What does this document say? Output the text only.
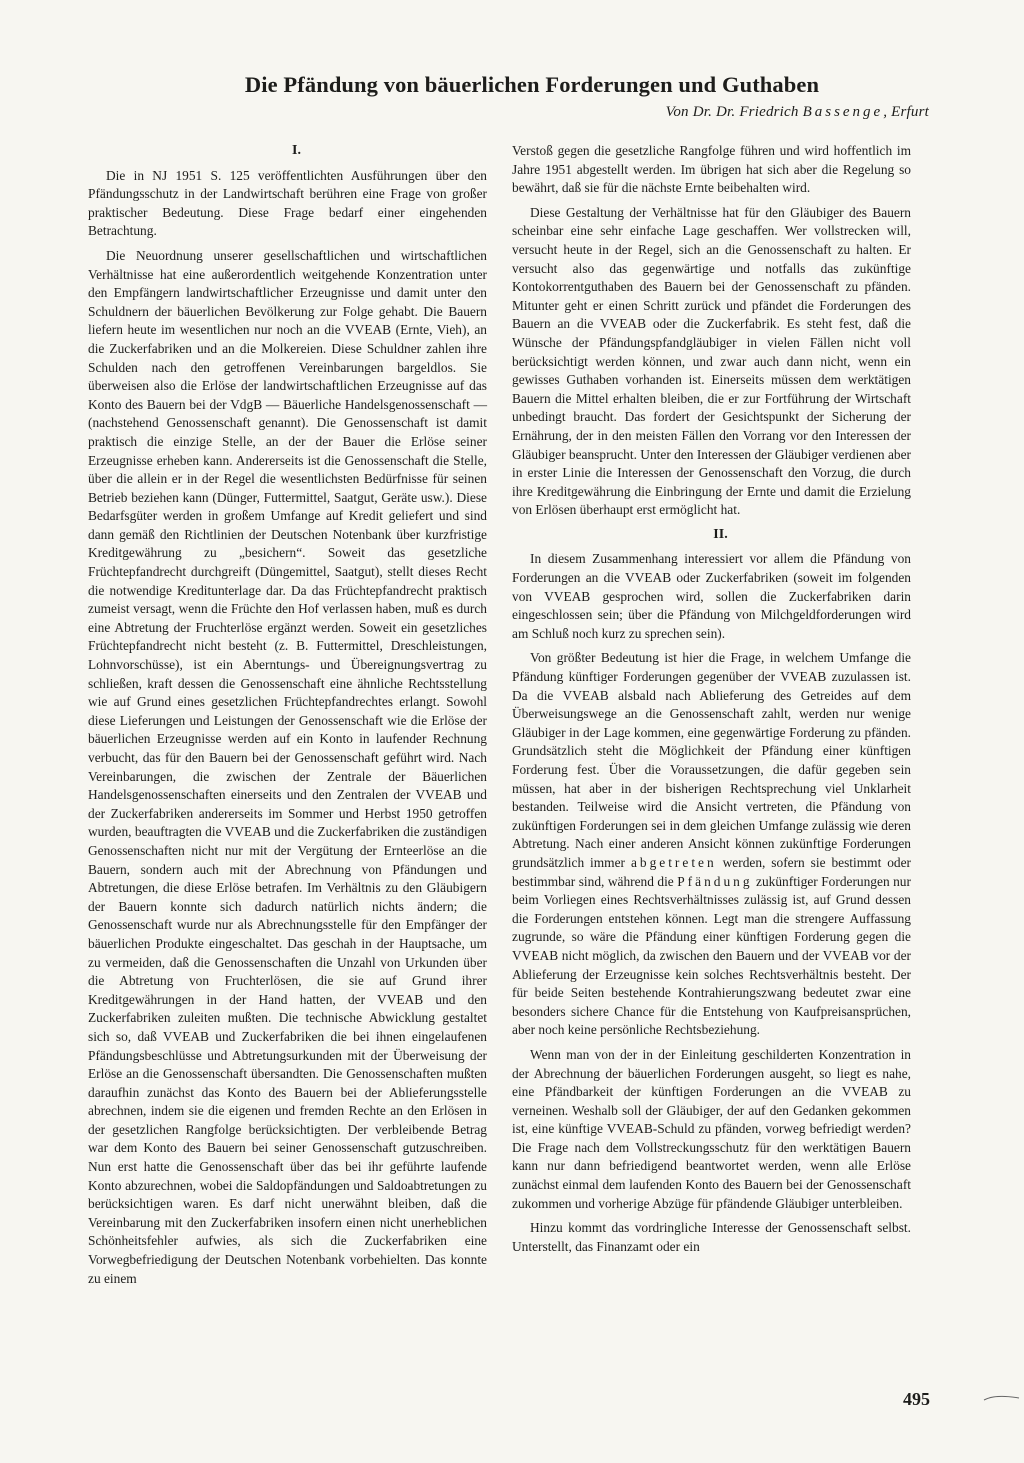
Die Pfändung von bäuerlichen Forderungen und Guthaben
Von Dr. Dr. Friedrich Bassenge, Erfurt

I.

Die in NJ 1951 S. 125 veröffentlichten Ausführungen über den Pfändungsschutz in der Landwirtschaft berühren eine Frage von großer praktischer Bedeutung. Diese Frage bedarf einer eingehenden Betrachtung.

Die Neuordnung unserer gesellschaftlichen und wirtschaftlichen Verhältnisse hat eine außerordentlich weitgehende Konzentration unter den Empfängern landwirtschaftlicher Erzeugnisse und damit unter den Schuldnern der bäuerlichen Bevölkerung zur Folge gehabt. Die Bauern liefern heute im wesentlichen nur noch an die VVEAB (Ernte, Vieh), an die Zuckerfabriken und an die Molkereien. Diese Schuldner zahlen ihre Schulden nach den getroffenen Vereinbarungen bargeldlos. Sie überweisen also die Erlöse der landwirtschaftlichen Erzeugnisse auf das Konto des Bauern bei der VdgB — Bäuerliche Handelsgenossenschaft — (nachstehend Genossenschaft genannt). Die Genossenschaft ist damit praktisch die einzige Stelle, an der der Bauer die Erlöse seiner Erzeugnisse erheben kann. Andererseits ist die Genossenschaft die Stelle, über die allein er in der Regel die wesentlichsten Bedürfnisse für seinen Betrieb beziehen kann (Dünger, Futtermittel, Saatgut, Geräte usw.). Diese Bedarfsgüter werden in großem Umfange auf Kredit geliefert und sind dann gemäß den Richtlinien der Deutschen Notenbank über kurzfristige Kreditgewährung zu „besichern“. Soweit das gesetzliche Früchtepfandrecht durchgreift (Düngemittel, Saatgut), stellt dieses Recht die notwendige Kreditunterlage dar. Da das Früchtepfandrecht praktisch zumeist versagt, wenn die Früchte den Hof verlassen haben, muß es durch eine Abtretung der Fruchterlöse ergänzt werden. Soweit ein gesetzliches Früchtepfandrecht nicht besteht (z. B. Futtermittel, Dreschleistungen, Lohnvorschüsse), ist ein Aberntungs- und Übereignungsvertrag zu schließen, kraft dessen die Genossenschaft eine ähnliche Rechtsstellung wie auf Grund eines gesetzlichen Früchtepfandrechtes erlangt. Sowohl diese Lieferungen und Leistungen der Genossenschaft wie die Erlöse der bäuerlichen Erzeugnisse werden auf ein Konto in laufender Rechnung verbucht, das für den Bauern bei der Genossenschaft geführt wird. Nach Vereinbarungen, die zwischen der Zentrale der Bäuerlichen Handelsgenossenschaften einerseits und den Zentralen der VVEAB und der Zuckerfabriken andererseits im Sommer und Herbst 1950 getroffen wurden, beauftragten die VVEAB und die Zuckerfabriken die zuständigen Genossenschaften nicht nur mit der Vergütung der Ernteerlöse an die Bauern, sondern auch mit der Abrechnung von Pfändungen und Abtretungen, die diese Erlöse betrafen. Im Verhältnis zu den Gläubigern der Bauern konnte sich dadurch natürlich nichts ändern; die Genossenschaft wurde nur als Abrechnungsstelle für den Empfänger der bäuerlichen Produkte eingeschaltet. Das geschah in der Hauptsache, um zu vermeiden, daß die Genossenschaften die Unzahl von Urkunden über die Abtretung von Fruchterlösen, die sie auf Grund ihrer Kreditgewährungen in der Hand hatten, der VVEAB und den Zuckerfabriken zuleiten mußten. Die technische Abwicklung gestaltet sich so, daß VVEAB und Zuckerfabriken die bei ihnen eingelaufenen Pfändungsbeschlüsse und Abtretungsurkunden mit der Überweisung der Erlöse an die Genossenschaft übersandten. Die Genossenschaften mußten daraufhin zunächst das Konto des Bauern bei der Ablieferungsstelle abrechnen, indem sie die eigenen und fremden Rechte an den Erlösen in der gesetzlichen Rangfolge berücksichtigten. Der verbleibende Betrag war dem Konto des Bauern bei seiner Genossenschaft gutzuschreiben. Nun erst hatte die Genossenschaft über das bei ihr geführte laufende Konto abzurechnen, wobei die Saldopfändungen und Saldoabtretungen zu berücksichtigen waren. Es darf nicht unerwähnt bleiben, daß die Vereinbarung mit den Zuckerfabriken insofern einen nicht unerheblichen Schönheitsfehler aufwies, als sich die Zuckerfabriken eine Vorwegbefriedigung der Deutschen Notenbank vorbehielten. Das konnte zu einem

Verstoß gegen die gesetzliche Rangfolge führen und wird hoffentlich im Jahre 1951 abgestellt werden. Im übrigen hat sich aber die Regelung so bewährt, daß sie für die nächste Ernte beibehalten wird.

Diese Gestaltung der Verhältnisse hat für den Gläubiger des Bauern scheinbar eine sehr einfache Lage geschaffen. Wer vollstrecken will, versucht heute in der Regel, sich an die Genossenschaft zu halten. Er versucht also das gegenwärtige und notfalls das zukünftige Kontokorrentguthaben des Bauern bei der Genossenschaft zu pfänden. Mitunter geht er einen Schritt zurück und pfändet die Forderungen des Bauern an die VVEAB oder die Zuckerfabrik. Es steht fest, daß die Wünsche der Pfändungspfandgläubiger in vielen Fällen nicht voll berücksichtigt werden können, und zwar auch dann nicht, wenn ein gewisses Guthaben vorhanden ist. Einerseits müssen dem werktätigen Bauern die Mittel erhalten bleiben, die er zur Fortführung der Wirtschaft unbedingt braucht. Das fordert der Gesichtspunkt der Sicherung der Ernährung, der in den meisten Fällen den Vorrang vor den Interessen der Gläubiger beansprucht. Unter den Interessen der Gläubiger verdienen aber in erster Linie die Interessen der Genossenschaft den Vorzug, die durch ihre Kreditgewährung die Einbringung der Ernte und damit die Erzielung von Erlösen überhaupt erst ermöglicht hat.

II.

In diesem Zusammenhang interessiert vor allem die Pfändung von Forderungen an die VVEAB oder Zuckerfabriken (soweit im folgenden von VVEAB gesprochen wird, sollen die Zuckerfabriken darin eingeschlossen sein; über die Pfändung von Milchgeldforderungen wird am Schluß noch kurz zu sprechen sein).

Von größter Bedeutung ist hier die Frage, in welchem Umfange die Pfändung künftiger Forderungen gegenüber der VVEAB zuzulassen ist. Da die VVEAB alsbald nach Ablieferung des Getreides auf dem Überweisungswege an die Genossenschaft zahlt, werden nur wenige Gläubiger in der Lage kommen, eine gegenwärtige Forderung zu pfänden. Grundsätzlich steht die Möglichkeit der Pfändung einer künftigen Forderung fest. Über die Voraussetzungen, die dafür gegeben sein müssen, hat aber in der bisherigen Rechtsprechung viel Unklarheit bestanden. Teilweise wird die Ansicht vertreten, die Pfändung von zukünftigen Forderungen sei in dem gleichen Umfange zulässig wie deren Abtretung. Nach einer anderen Ansicht können zukünftige Forderungen grundsätzlich immer abgetreten werden, sofern sie bestimmt oder bestimmbar sind, während die Pfändung zukünftiger Forderungen nur beim Vorliegen eines Rechtsverhältnisses zulässig ist, auf Grund dessen die Forderungen entstehen können. Legt man die strengere Auffassung zugrunde, so wäre die Pfändung einer künftigen Forderung gegen die VVEAB nicht möglich, da zwischen den Bauern und der VVEAB vor der Ablieferung der Erzeugnisse kein solches Rechtsverhältnis besteht. Der für beide Seiten bestehende Kontrahierungszwang bedeutet zwar eine besonders sichere Chance für die Entstehung von Kaufpreisansprüchen, aber noch keine persönliche Rechtsbeziehung.

Wenn man von der in der Einleitung geschilderten Konzentration in der Abrechnung der bäuerlichen Forderungen ausgeht, so liegt es nahe, eine Pfändbarkeit der künftigen Forderungen an die VVEAB zu verneinen. Weshalb soll der Gläubiger, der auf den Gedanken gekommen ist, eine künftige VVEAB-Schuld zu pfänden, vorweg befriedigt werden? Die Frage nach dem Vollstreckungsschutz für den werktätigen Bauern kann nur dann befriedigend beantwortet werden, wenn alle Erlöse zunächst einmal dem laufenden Konto des Bauern bei der Genossenschaft zukommen und vorherige Abzüge für pfändende Gläubiger unterbleiben.

Hinzu kommt das vordringliche Interesse der Genossenschaft selbst. Unterstellt, das Finanzamt oder ein

495
